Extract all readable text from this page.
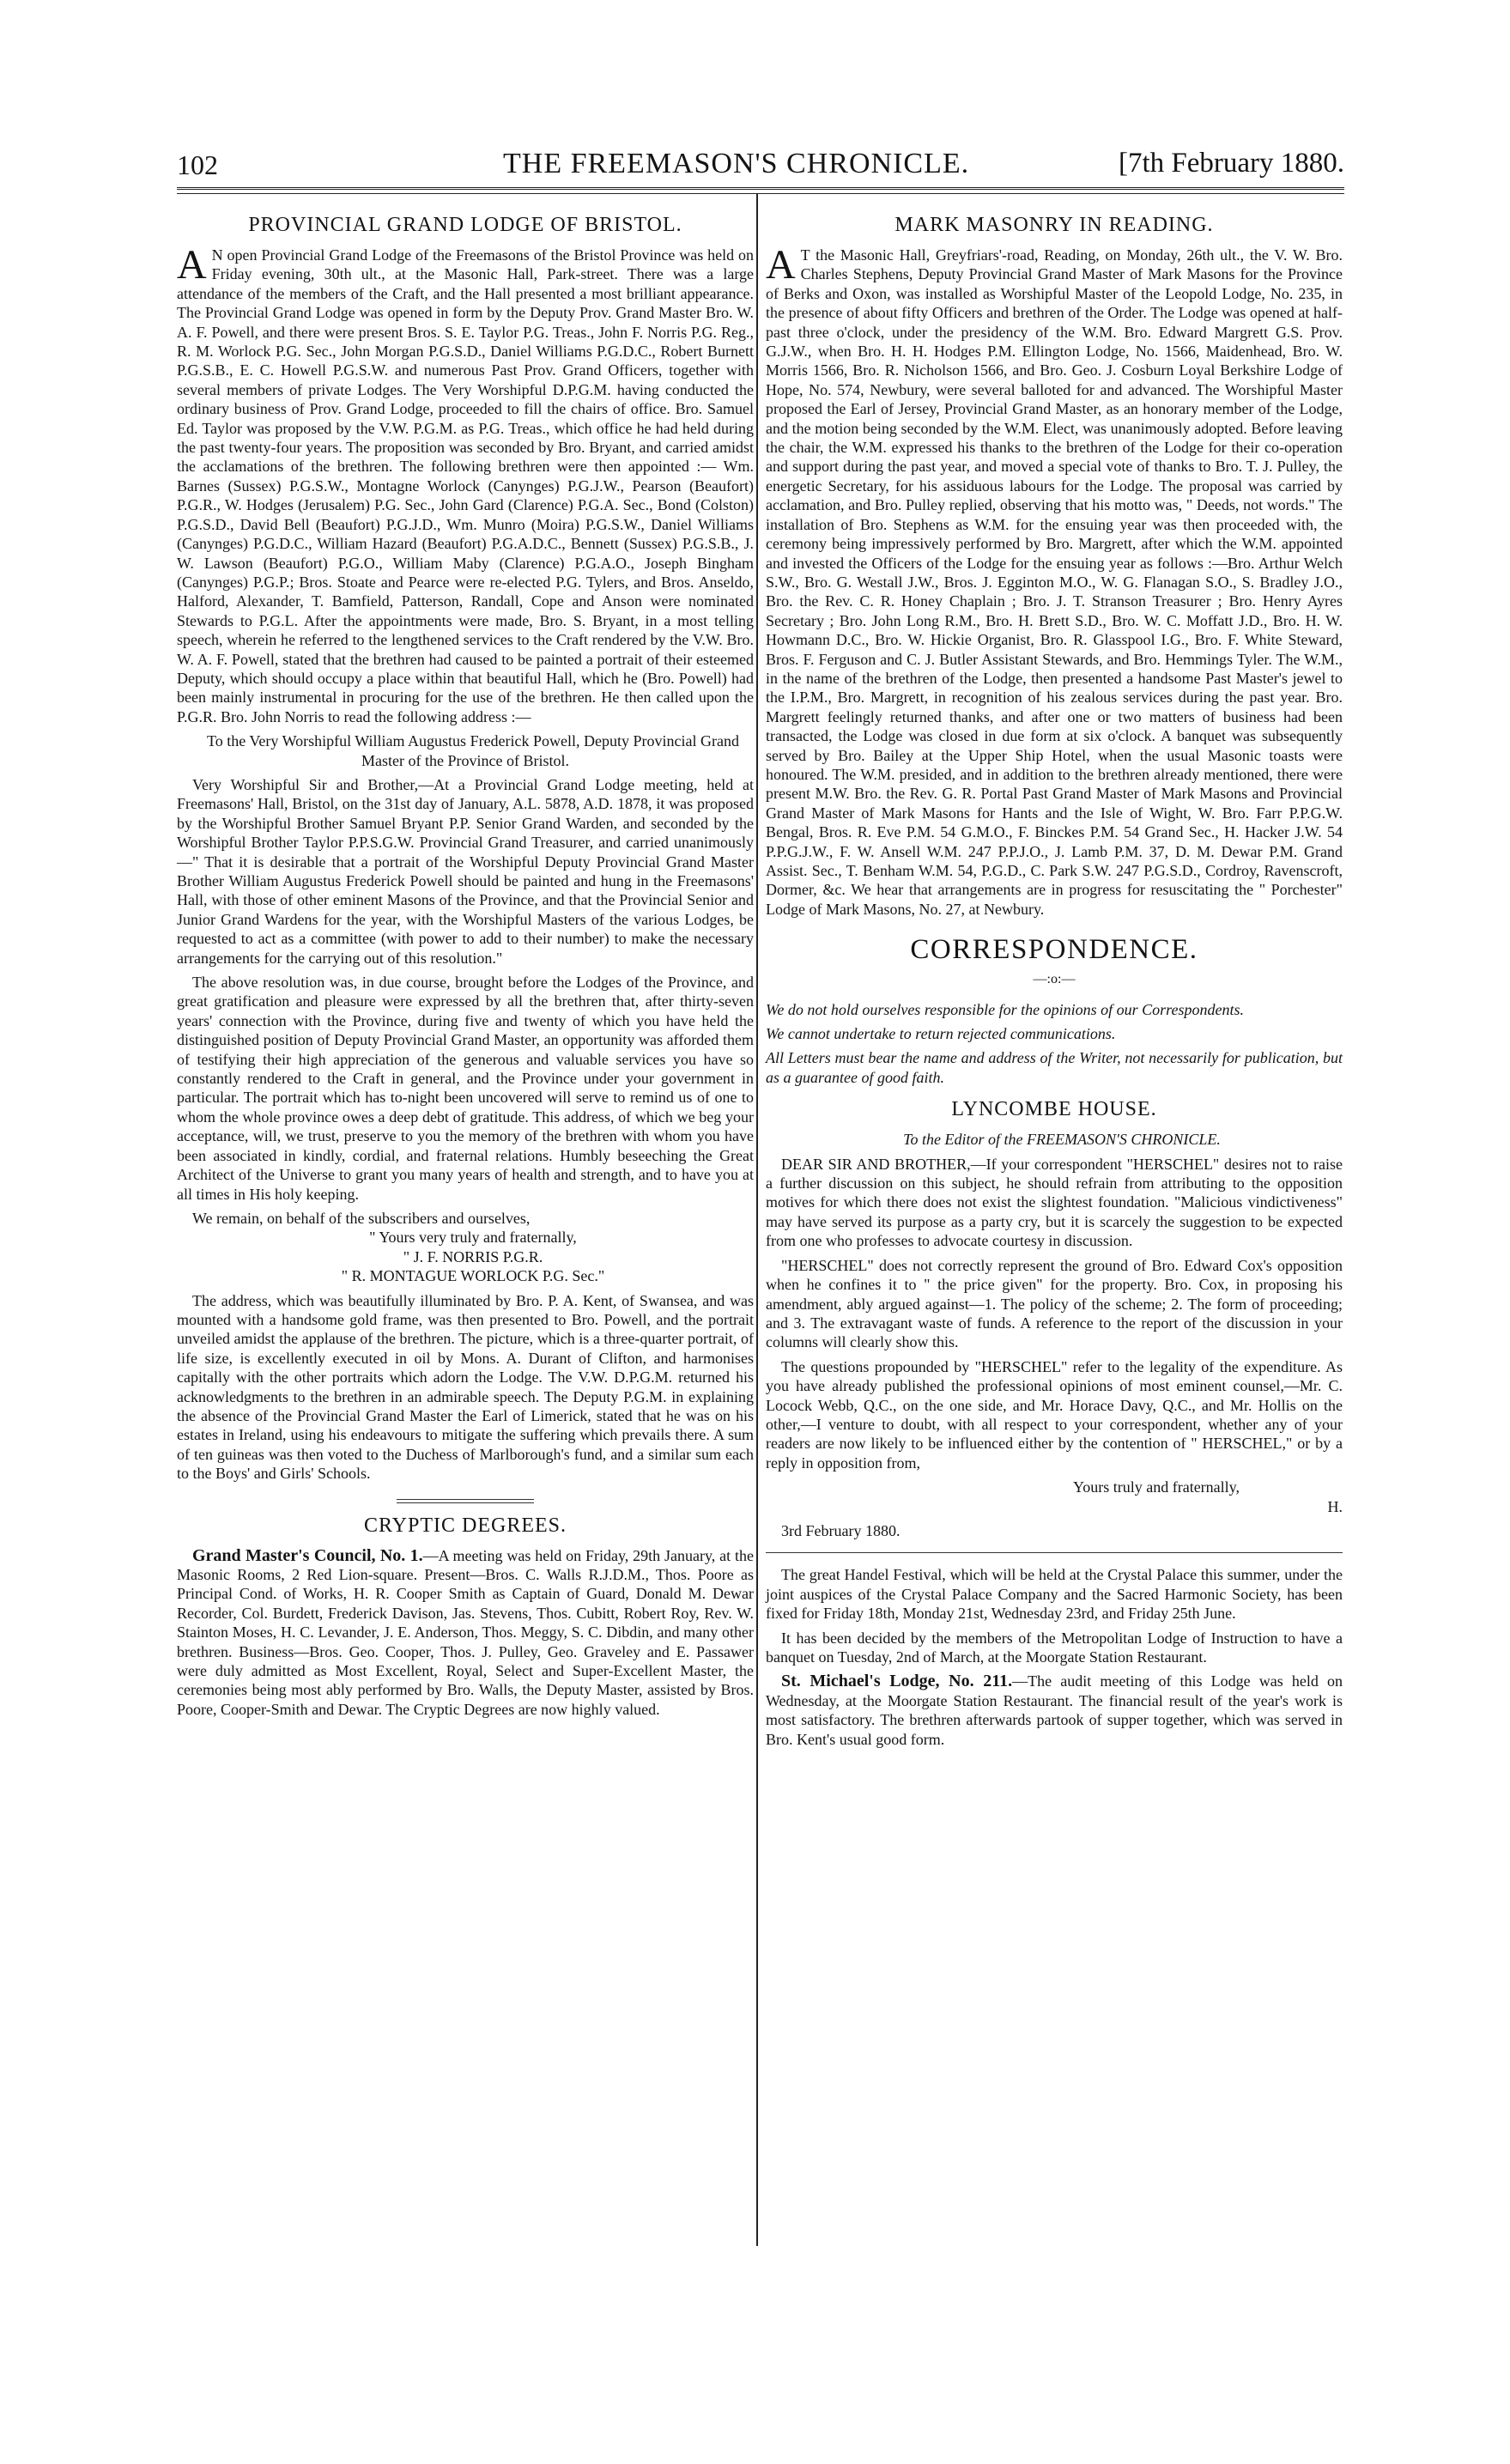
102	THE FREEMASON'S CHRONICLE.	[7th February 1880.
PROVINCIAL GRAND LODGE OF BRISTOL.

AN open Provincial Grand Lodge of the Freemasons of the Bristol Province was held on Friday evening, 30th ult., at the Masonic Hall, Park-street. There was a large attendance of the members of the Craft, and the Hall presented a most brilliant appearance. The Provincial Grand Lodge was opened in form by the Deputy Prov. Grand Master Bro. W. A. F. Powell, and there were present Bros. S. E. Taylor P.G. Treas., John F. Norris P.G. Reg., R. M. Worlock P.G. Sec., John Morgan P.G.S.D., Daniel Williams P.G.D.C., Robert Burnett P.G.S.B., E. C. Howell P.G.S.W. and numerous Past Prov. Grand Officers, together with several members of private Lodges. The Very Worshipful D.P.G.M. having conducted the ordinary business of Prov. Grand Lodge, proceeded to fill the chairs of office. Bro. Samuel Ed. Taylor was proposed by the V.W. P.G.M. as P.G. Treas., which office he had held during the past twenty-four years. The proposition was seconded by Bro. Bryant, and carried amidst the acclamations of the brethren. The following brethren were then appointed :— Wm. Barnes (Sussex) P.G.S.W., Montagne Worlock (Canynges) P.G.J.W., Pearson (Beaufort) P.G.R., W. Hodges (Jerusalem) P.G. Sec., John Gard (Clarence) P.G.A. Sec., Bond (Colston) P.G.S.D., David Bell (Beaufort) P.G.J.D., Wm. Munro (Moira) P.G.S.W., Daniel Williams (Canynges) P.G.D.C., William Hazard (Beaufort) P.G.A.D.C., Bennett (Sussex) P.G.S.B., J. W. Lawson (Beaufort) P.G.O., William Maby (Clarence) P.G.A.O., Joseph Bingham (Canynges) P.G.P.; Bros. Stoate and Pearce were re-elected P.G. Tylers, and Bros. Anseldo, Halford, Alexander, T. Bamfield, Patterson, Randall, Cope and Anson were nominated Stewards to P.G.L. After the appointments were made, Bro. S. Bryant, in a most telling speech, wherein he referred to the lengthened services to the Craft rendered by the V.W. Bro. W. A. F. Powell, stated that the brethren had caused to be painted a portrait of their esteemed Deputy, which should occupy a place within that beautiful Hall, which he (Bro. Powell) had been mainly instrumental in procuring for the use of the brethren. He then called upon the P.G.R. Bro. John Norris to read the following address :—

To the Very Worshipful William Augustus Frederick Powell, Deputy Provincial Grand Master of the Province of Bristol.

Very Worshipful Sir and Brother,—At a Provincial Grand Lodge meeting, held at Freemasons' Hall, Bristol, on the 31st day of January, A.L. 5878, A.D. 1878, it was proposed by the Worshipful Brother Samuel Bryant P.P. Senior Grand Warden, and seconded by the Worshipful Brother Taylor P.P.S.G.W. Provincial Grand Treasurer, and carried unanimously—" That it is desirable that a portrait of the Worshipful Deputy Provincial Grand Master Brother William Augustus Frederick Powell should be painted and hung in the Freemasons' Hall, with those of other eminent Masons of the Province, and that the Provincial Senior and Junior Grand Wardens for the year, with the Worshipful Masters of the various Lodges, be requested to act as a committee (with power to add to their number) to make the necessary arrangements for the carrying out of this resolution."

The above resolution was, in due course, brought before the Lodges of the Province, and great gratification and pleasure were expressed by all the brethren that, after thirty-seven years' connection with the Province, during five and twenty of which you have held the distinguished position of Deputy Provincial Grand Master, an opportunity was afforded them of testifying their high appreciation of the generous and valuable services you have so constantly rendered to the Craft in general, and the Province under your government in particular. The portrait which has to-night been uncovered will serve to remind us of one to whom the whole province owes a deep debt of gratitude. This address, of which we beg your acceptance, will, we trust, preserve to you the memory of the brethren with whom you have been associated in kindly, cordial, and fraternal relations. Humbly beseeching the Great Architect of the Universe to grant you many years of health and strength, and to have you at all times in His holy keeping.

We remain, on behalf of the subscribers and ourselves,

" Yours very truly and fraternally,

" J. F. NORRIS P.G.R.

" R. MONTAGUE WORLOCK P.G. Sec."

The address, which was beautifully illuminated by Bro. P. A. Kent, of Swansea, and was mounted with a handsome gold frame, was then presented to Bro. Powell, and the portrait unveiled amidst the applause of the brethren. The picture, which is a three-quarter portrait, of life size, is excellently executed in oil by Mons. A. Durant of Clifton, and harmonises capitally with the other portraits which adorn the Lodge. The V.W. D.P.G.M. returned his acknowledgments to the brethren in an admirable speech. The Deputy P.G.M. in explaining the absence of the Provincial Grand Master the Earl of Limerick, stated that he was on his estates in Ireland, using his endeavours to mitigate the suffering which prevails there. A sum of ten guineas was then voted to the Duchess of Marlborough's fund, and a similar sum each to the Boys' and Girls' Schools.

CRYPTIC DEGREES.

Grand Master's Council, No. 1.—A meeting was held on Friday, 29th January, at the Masonic Rooms, 2 Red Lion-square. Present—Bros. C. Walls R.J.D.M., Thos. Poore as Principal Cond. of Works, H. R. Cooper Smith as Captain of Guard, Donald M. Dewar Recorder, Col. Burdett, Frederick Davison, Jas. Stevens, Thos. Cubitt, Robert Roy, Rev. W. Stainton Moses, H. C. Levander, J. E. Anderson, Thos. Meggy, S. C. Dibdin, and many other brethren. Business—Bros. Geo. Cooper, Thos. J. Pulley, Geo. Graveley and E. Passawer were duly admitted as Most Excellent, Royal, Select and Super-Excellent Master, the ceremonies being most ably performed by Bro. Walls, the Deputy Master, assisted by Bros. Poore, Cooper-Smith and Dewar. The Cryptic Degrees are now highly valued.

MARK MASONRY IN READING.

AT the Masonic Hall, Greyfriars'-road, Reading, on Monday, 26th ult., the V. W. Bro. Charles Stephens, Deputy Provincial Grand Master of Mark Masons for the Province of Berks and Oxon, was installed as Worshipful Master of the Leopold Lodge, No. 235, in the presence of about fifty Officers and brethren of the Order. The Lodge was opened at half-past three o'clock, under the presidency of the W.M. Bro. Edward Margrett G.S. Prov. G.J.W., when Bro. H. H. Hodges P.M. Ellington Lodge, No. 1566, Maidenhead, Bro. W. Morris 1566, Bro. R. Nicholson 1566, and Bro. Geo. J. Cosburn Loyal Berkshire Lodge of Hope, No. 574, Newbury, were several balloted for and advanced. The Worshipful Master proposed the Earl of Jersey, Provincial Grand Master, as an honorary member of the Lodge, and the motion being seconded by the W.M. Elect, was unanimously adopted. Before leaving the chair, the W.M. expressed his thanks to the brethren of the Lodge for their co-operation and support during the past year, and moved a special vote of thanks to Bro. T. J. Pulley, the energetic Secretary, for his assiduous labours for the Lodge. The proposal was carried by acclamation, and Bro. Pulley replied, observing that his motto was, " Deeds, not words." The installation of Bro. Stephens as W.M. for the ensuing year was then proceeded with, the ceremony being impressively performed by Bro. Margrett, after which the W.M. appointed and invested the Officers of the Lodge for the ensuing year as follows :—Bro. Arthur Welch S.W., Bro. G. Westall J.W., Bros. J. Egginton M.O., W. G. Flanagan S.O., S. Bradley J.O., Bro. the Rev. C. R. Honey Chaplain ; Bro. J. T. Stranson Treasurer ; Bro. Henry Ayres Secretary ; Bro. John Long R.M., Bro. H. Brett S.D., Bro. W. C. Moffatt J.D., Bro. H. W. Howmann D.C., Bro. W. Hickie Organist, Bro. R. Glasspool I.G., Bro. F. White Steward, Bros. F. Ferguson and C. J. Butler Assistant Stewards, and Bro. Hemmings Tyler. The W.M., in the name of the brethren of the Lodge, then presented a handsome Past Master's jewel to the I.P.M., Bro. Margrett, in recognition of his zealous services during the past year. Bro. Margrett feelingly returned thanks, and after one or two matters of business had been transacted, the Lodge was closed in due form at six o'clock. A banquet was subsequently served by Bro. Bailey at the Upper Ship Hotel, when the usual Masonic toasts were honoured. The W.M. presided, and in addition to the brethren already mentioned, there were present M.W. Bro. the Rev. G. R. Portal Past Grand Master of Mark Masons and Provincial Grand Master of Mark Masons for Hants and the Isle of Wight, W. Bro. Farr P.P.G.W. Bengal, Bros. R. Eve P.M. 54 G.M.O., F. Binckes P.M. 54 Grand Sec., H. Hacker J.W. 54 P.P.G.J.W., F. W. Ansell W.M. 247 P.P.J.O., J. Lamb P.M. 37, D. M. Dewar P.M. Grand Assist. Sec., T. Benham W.M. 54, P.G.D., C. Park S.W. 247 P.G.S.D., Cordroy, Ravenscroft, Dormer, &c. We hear that arrangements are in progress for resuscitating the " Porchester" Lodge of Mark Masons, No. 27, at Newbury.

CORRESPONDENCE.
—:o:—

We do not hold ourselves responsible for the opinions of our Correspondents.

We cannot undertake to return rejected communications.

All Letters must bear the name and address of the Writer, not necessarily for publication, but as a guarantee of good faith.

LYNCOMBE HOUSE.

To the Editor of the FREEMASON'S CHRONICLE.

DEAR SIR AND BROTHER,—If your correspondent "HERSCHEL" desires not to raise a further discussion on this subject, he should refrain from attributing to the opposition motives for which there does not exist the slightest foundation. "Malicious vindictiveness" may have served its purpose as a party cry, but it is scarcely the suggestion to be expected from one who professes to advocate courtesy in discussion.

"HERSCHEL" does not correctly represent the ground of Bro. Edward Cox's opposition when he confines it to " the price given" for the property. Bro. Cox, in proposing his amendment, ably argued against—1. The policy of the scheme; 2. The form of proceeding; and 3. The extravagant waste of funds. A reference to the report of the discussion in your columns will clearly show this.

The questions propounded by "HERSCHEL" refer to the legality of the expenditure. As you have already published the professional opinions of most eminent counsel,—Mr. C. Locock Webb, Q.C., on the one side, and Mr. Horace Davy, Q.C., and Mr. Hollis on the other,—I venture to doubt, with all respect to your correspondent, whether any of your readers are now likely to be influenced either by the contention of " HERSCHEL," or by a reply in opposition from,

Yours truly and fraternally,

H.

3rd February 1880.

The great Handel Festival, which will be held at the Crystal Palace this summer, under the joint auspices of the Crystal Palace Company and the Sacred Harmonic Society, has been fixed for Friday 18th, Monday 21st, Wednesday 23rd, and Friday 25th June.

It has been decided by the members of the Metropolitan Lodge of Instruction to have a banquet on Tuesday, 2nd of March, at the Moorgate Station Restaurant.

St. Michael's Lodge, No. 211.—The audit meeting of this Lodge was held on Wednesday, at the Moorgate Station Restaurant. The financial result of the year's work is most satisfactory. The brethren afterwards partook of supper together, which was served in Bro. Kent's usual good form.
